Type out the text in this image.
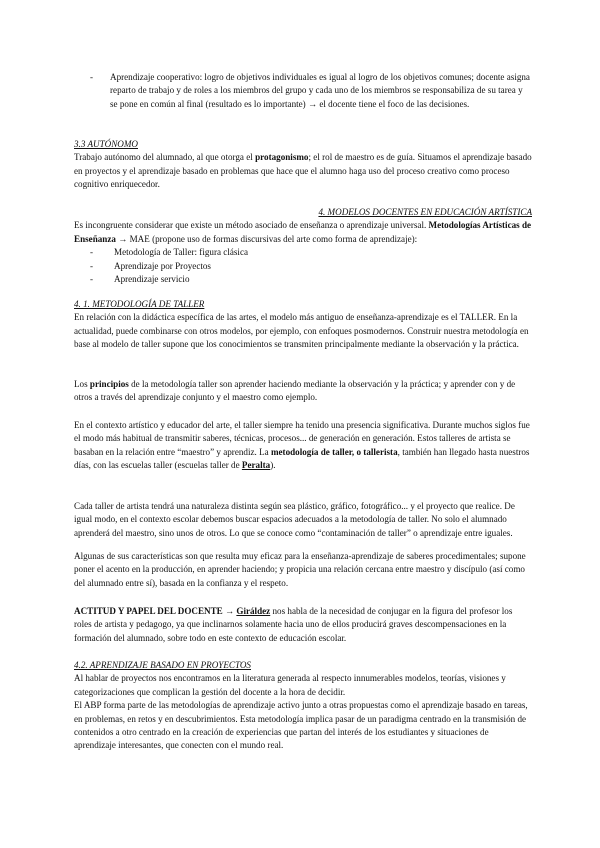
-	Aprendizaje cooperativo: logro de objetivos individuales es igual al logro de los objetivos comunes; docente asigna reparto de trabajo y de roles a los miembros del grupo y cada uno de los miembros se responsabiliza de su tarea y se pone en común al final (resultado es lo importante) → el docente tiene el foco de las decisiones.

3.3 AUTÓNOMO

Trabajo autónomo del alumnado, al que otorga el protagonismo; el rol de maestro es de guía. Situamos el aprendizaje basado en proyectos y el aprendizaje basado en problemas que hace que el alumno haga uso del proceso creativo como proceso cognitivo enriquecedor.

4. MODELOS DOCENTES EN EDUCACIÓN ARTÍSTICA

Es incongruente considerar que existe un método asociado de enseñanza o aprendizaje universal. Metodologías Artísticas de Enseñanza → MAE (propone uso de formas discursivas del arte como forma de aprendizaje):

-	Metodología de Taller: figura clásica
-	Aprendizaje por Proyectos
-	Aprendizaje servicio

4. 1. METODOLOGÍA DE TALLER

En relación con la didáctica específica de las artes, el modelo más antiguo de enseñanza-aprendizaje es el TALLER. En la actualidad, puede combinarse con otros modelos, por ejemplo, con enfoques posmodernos. Construir nuestra metodología en base al modelo de taller supone que los conocimientos se transmiten principalmente mediante la observación y la práctica.

Los principios de la metodología taller son aprender haciendo mediante la observación y la práctica; y aprender con y de otros a través del aprendizaje conjunto y el maestro como ejemplo.

En el contexto artístico y educador del arte, el taller siempre ha tenido una presencia significativa. Durante muchos siglos fue el modo más habitual de transmitir saberes, técnicas, procesos... de generación en generación. Estos talleres de artista se basaban en la relación entre “maestro” y aprendiz. La metodología de taller, o tallerista, también han llegado hasta nuestros días, con las escuelas taller (escuelas taller de Peralta).

Cada taller de artista tendrá una naturaleza distinta según sea plástico, gráfico, fotográfico... y el proyecto que realice. De igual modo, en el contexto escolar debemos buscar espacios adecuados a la metodología de taller. No solo el alumnado aprenderá del maestro, sino unos de otros. Lo que se conoce como “contaminación de taller” o aprendizaje entre iguales.

Algunas de sus características son que resulta muy eficaz para la enseñanza-aprendizaje de saberes procedimentales; supone poner el acento en la producción, en aprender haciendo; y propicia una relación cercana entre maestro y discípulo (así como del alumnado entre sí), basada en la confianza y el respeto.

ACTITUD Y PAPEL DEL DOCENTE → Giráldez nos habla de la necesidad de conjugar en la figura del profesor los roles de artista y pedagogo, ya que inclinarnos solamente hacia uno de ellos producirá graves descompensaciones en la formación del alumnado, sobre todo en este contexto de educación escolar.

4.2. APRENDIZAJE BASADO EN PROYECTOS

Al hablar de proyectos nos encontramos en la literatura generada al respecto innumerables modelos, teorías, visiones y categorizaciones que complican la gestión del docente a la hora de decidir.

El ABP forma parte de las metodologías de aprendizaje activo junto a otras propuestas como el aprendizaje basado en tareas, en problemas, en retos y en descubrimientos. Esta metodología implica pasar de un paradigma centrado en la transmisión de contenidos a otro centrado en la creación de experiencias que partan del interés de los estudiantes y situaciones de aprendizaje interesantes, que conecten con el mundo real.
